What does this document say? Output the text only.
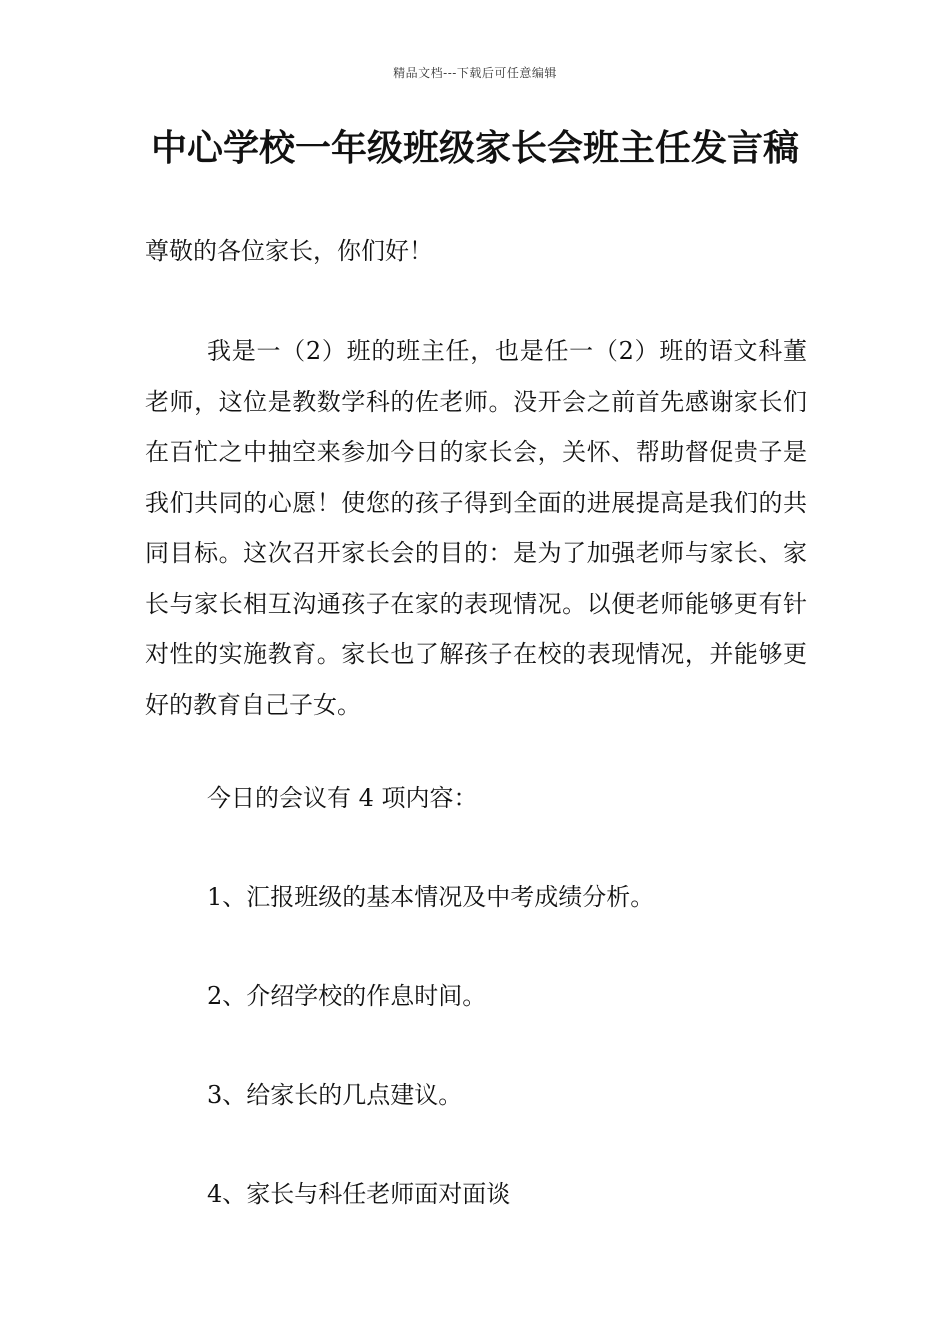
精品文档---下载后可任意编辑
中心学校一年级班级家长会班主任发言稿

尊敬的各位家长，你们好！

我是一（2）班的班主任，也是任一（2）班的语文科董老师，这位是教数学科的佐老师。没开会之前首先感谢家长们在百忙之中抽空来参加今日的家长会，关怀、帮助督促贵子是我们共同的心愿！使您的孩子得到全面的进展提高是我们的共同目标。这次召开家长会的目的：是为了加强老师与家长、家长与家长相互沟通孩子在家的表现情况。以便老师能够更有针对性的实施教育。家长也了解孩子在校的表现情况，并能够更好的教育自己子女。

今日的会议有 4 项内容：

1、汇报班级的基本情况及中考成绩分析。

2、介绍学校的作息时间。

3、给家长的几点建议。

4、家长与科任老师面对面谈
